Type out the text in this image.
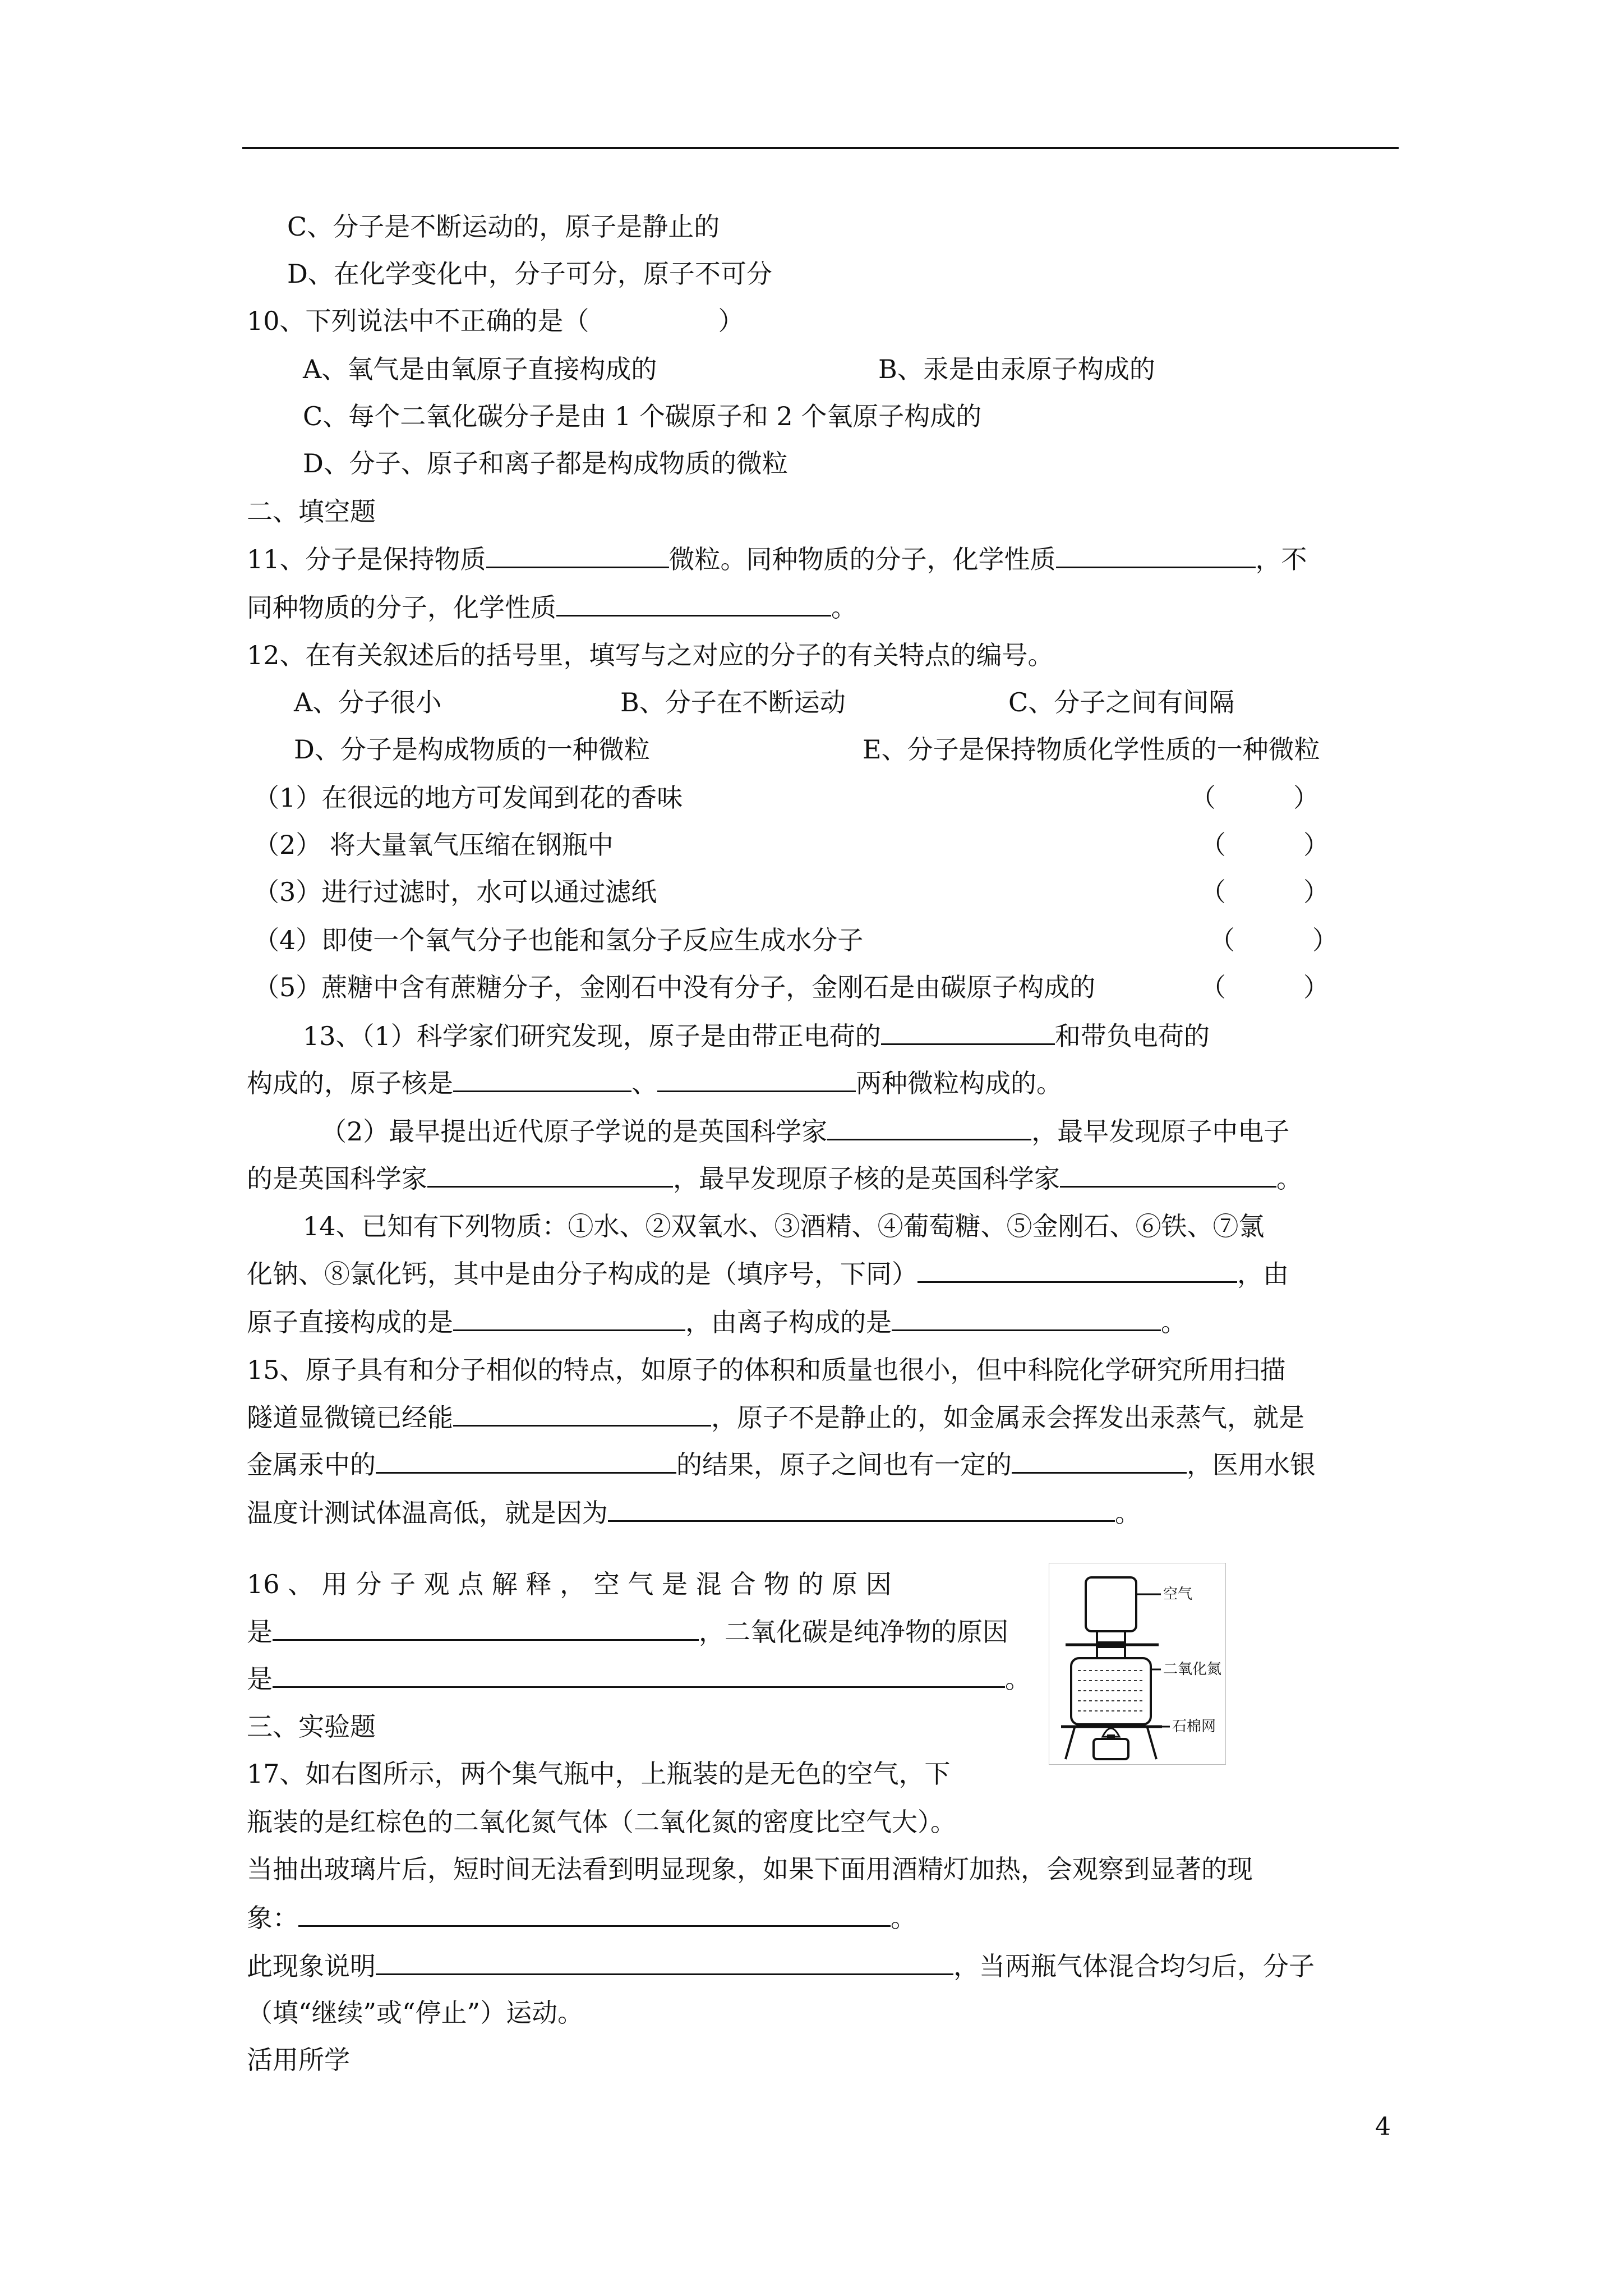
C、分子是不断运动的，原子是静止的
D、在化学变化中，分子可分，原子不可分
10、下列说法中不正确的是（　　　　　）
A、氧气是由氧原子直接构成的	B、汞是由汞原子构成的
C、每个二氧化碳分子是由 1 个碳原子和 2 个氧原子构成的
D、分子、原子和离子都是构成物质的微粒
二、填空题
11、分子是保持物质	微粒。同种物质的分子，化学性质	，不
同种物质的分子，化学性质	。
12、在有关叙述后的括号里，填写与之对应的分子的有关特点的编号。
A、分子很小	B、分子在不断运动	C、分子之间有间隔
D、分子是构成物质的一种微粒	E、分子是保持物质化学性质的一种微粒
（1）在很远的地方可发闻到花的香味	（　　　）
（2） 将大量氧气压缩在钢瓶中	（　　　）
（3）进行过滤时，水可以通过滤纸	（　　　）
（4）即使一个氧气分子也能和氢分子反应生成水分子	（　　　）
（5）蔗糖中含有蔗糖分子，金刚石中没有分子，金刚石是由碳原子构成的	（　　　）
13、（1）科学家们研究发现，原子是由带正电荷的	和带负电荷的
构成的，原子核是	、	两种微粒构成的。
（2）最早提出近代原子学说的是英国科学家	，最早发现原子中电子
的是英国科学家	，最早发现原子核的是英国科学家	。
14、已知有下列物质：①水、②双氧水、③酒精、④葡萄糖、⑤金刚石、⑥铁、⑦氯
化钠、⑧氯化钙，其中是由分子构成的是（填序号，下同）	，由
原子直接构成的是	，由离子构成的是	。
15、原子具有和分子相似的特点，如原子的体积和质量也很小，但中科院化学研究所用扫描
隧道显微镜已经能	，原子不是静止的，如金属汞会挥发出汞蒸气，就是
金属汞中的	的结果，原子之间也有一定的	，医用水银
温度计测试体温高低，就是因为	。
16 、 用 分 子 观 点 解 释 ， 空 气 是 混 合 物 的 原 因
是	，二氧化碳是纯净物的原因
是	。
空气
二氧化氮
石棉网
三、实验题
17、如右图所示，两个集气瓶中，上瓶装的是无色的空气，下
瓶装的是红棕色的二氧化氮气体（二氧化氮的密度比空气大）。
当抽出玻璃片后，短时间无法看到明显现象，如果下面用酒精灯加热，会观察到显著的现
象：	。
此现象说明	，当两瓶气体混合均匀后，分子
（填“继续”或“停止”）运动。
活用所学
4
